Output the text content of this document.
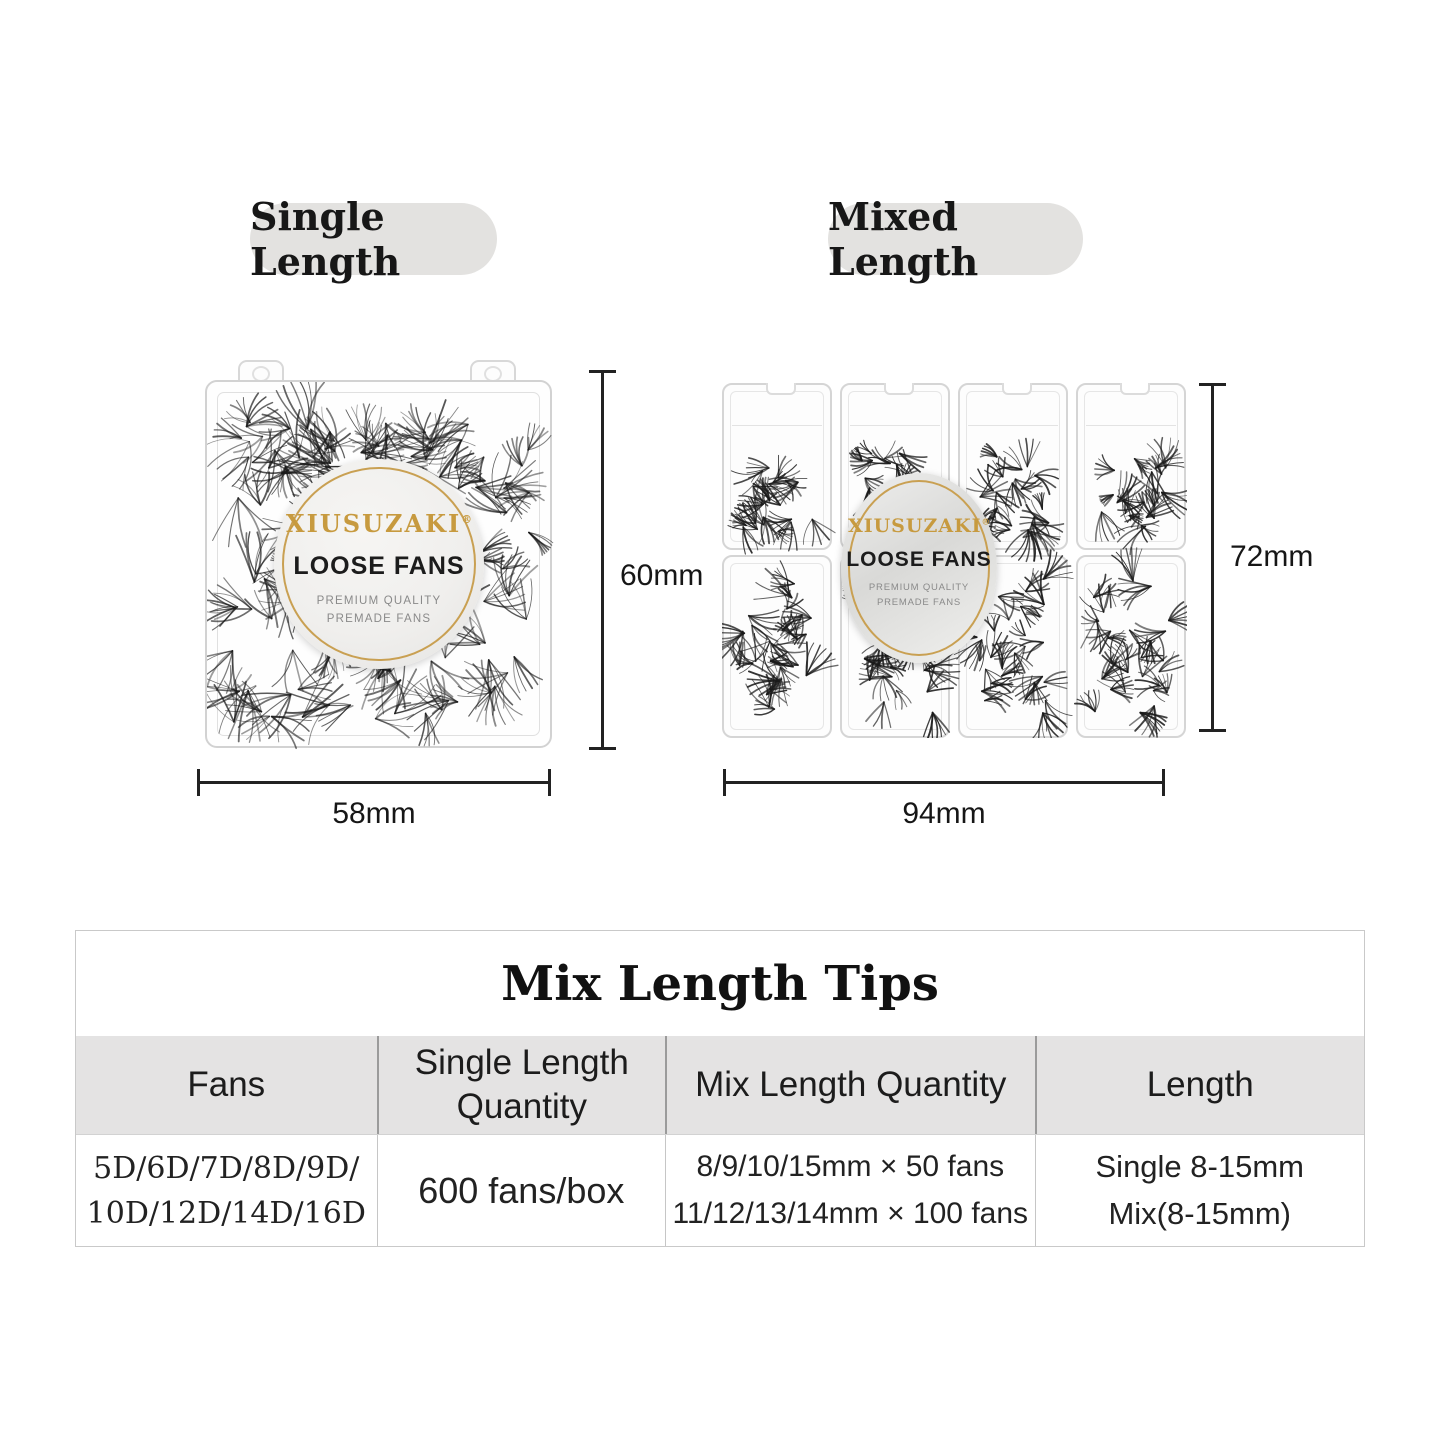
Single Length
Mixed Length
XIUSUZAKI®
LOOSE FANS
PREMIUM QUALITY
PREMADE FANS
XIUSUZAKI®
LOOSE FANS
PREMIUM QUALITY
PREMADE FANS
60mm
58mm
72mm
94mm
Mix Length Tips
Fans
Single Length Quantity
Mix Length Quantity	Length
5D/6D/7D/8D/9D/
10D/12D/14D/16D
600 fans/box
8/9/10/15mm × 50 fans
11/12/13/14mm × 100 fans
Single 8-15mm
Mix(8-15mm)
